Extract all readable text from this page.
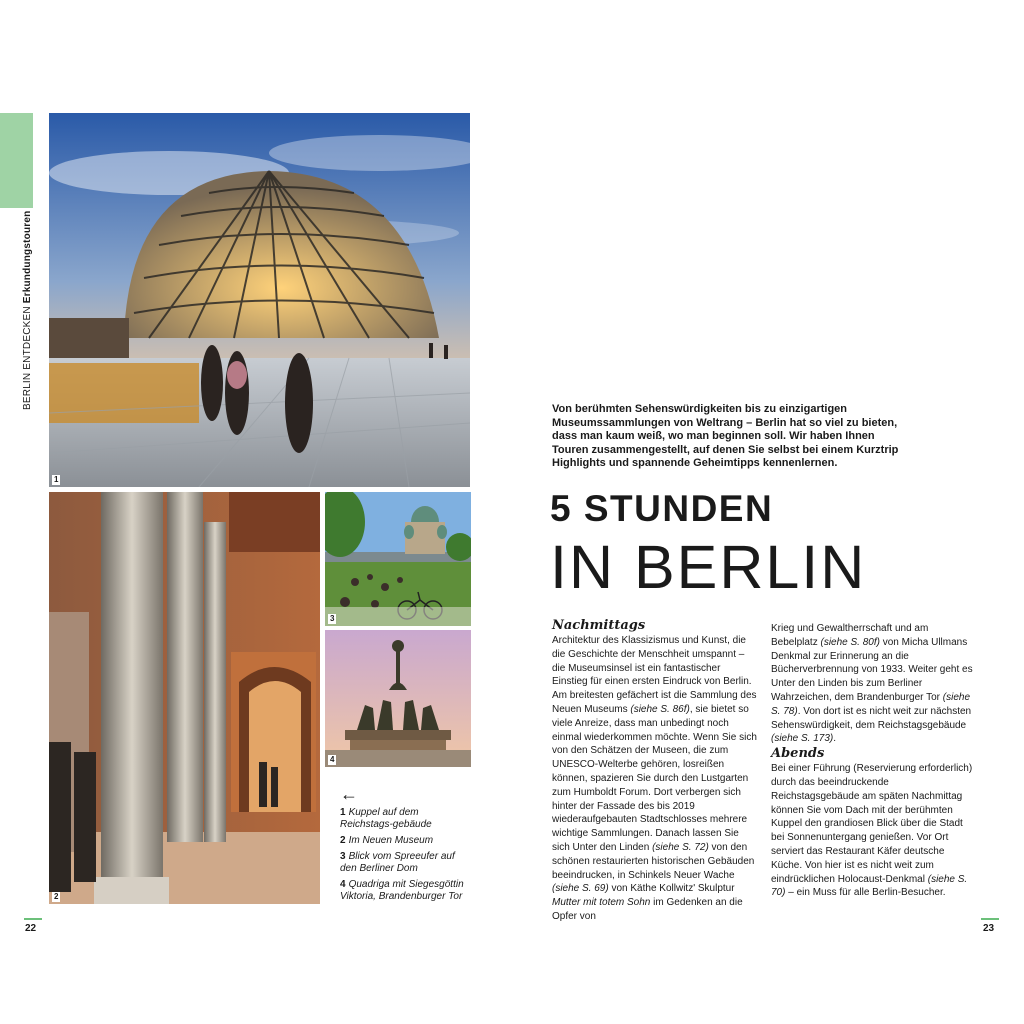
BERLIN ENTDECKEN Erkundungstouren
1
2
3
4
←
1 Kuppel auf dem Reichstags-gebäude
2 Im Neuen Museum
3 Blick vom Spreeufer auf den Berliner Dom
4 Quadriga mit Siegesgöttin Viktoria, Brandenburger Tor
22	23
Von berühmten Sehenswürdigkeiten bis zu einzigartigen Museumssammlungen von Weltrang – Berlin hat so viel zu bieten, dass man kaum weiß, wo man beginnen soll. Wir haben Ihnen Touren zusammengestellt, auf denen Sie selbst bei einem Kurztrip Highlights und spannende Geheimtipps kennenlernen.
5 STUNDEN
IN BERLIN
Nachmittags

Architektur des Klassizismus und Kunst, die die Geschichte der Menschheit umspannt – die Museumsinsel ist ein fantastischer Einstieg für einen ersten Eindruck von Berlin. Am breitesten gefächert ist die Sammlung des Neuen Museums (siehe S. 86f), sie bietet so viele Anreize, dass man unbedingt noch einmal wiederkommen möchte. Wenn Sie sich von den Schätzen der Museen, die zum UNESCO-Welterbe gehören, losreißen können, spazieren Sie durch den Lustgarten zum Humboldt Forum. Dort verbergen sich hinter der Fassade des bis 2019 wiederaufgebauten Stadtschlosses mehrere wichtige Sammlungen. Danach lassen Sie sich Unter den Linden (siehe S. 72) von den schönen restaurierten historischen Gebäuden beeindrucken, in Schinkels Neuer Wache (siehe S. 69) von Käthe Kollwitz' Skulptur Mutter mit totem Sohn im Gedenken an die Opfer von

Krieg und Gewaltherrschaft und am Bebelplatz (siehe S. 80f) von Micha Ullmans Denkmal zur Erinnerung an die Bücherverbrennung von 1933. Weiter geht es Unter den Linden bis zum Berliner Wahrzeichen, dem Brandenburger Tor (siehe S. 78). Von dort ist es nicht weit zur nächsten Sehenswürdigkeit, dem Reichstagsgebäude (siehe S. 173).

Abends

Bei einer Führung (Reservierung erforderlich) durch das beeindruckende Reichstagsgebäude am späten Nachmittag können Sie vom Dach mit der berühmten Kuppel den grandiosen Blick über die Stadt bei Sonnenuntergang genießen. Vor Ort serviert das Restaurant Käfer deutsche Küche. Von hier ist es nicht weit zum eindrücklichen Holocaust-Denkmal (siehe S. 70) – ein Muss für alle Berlin-Besucher.
